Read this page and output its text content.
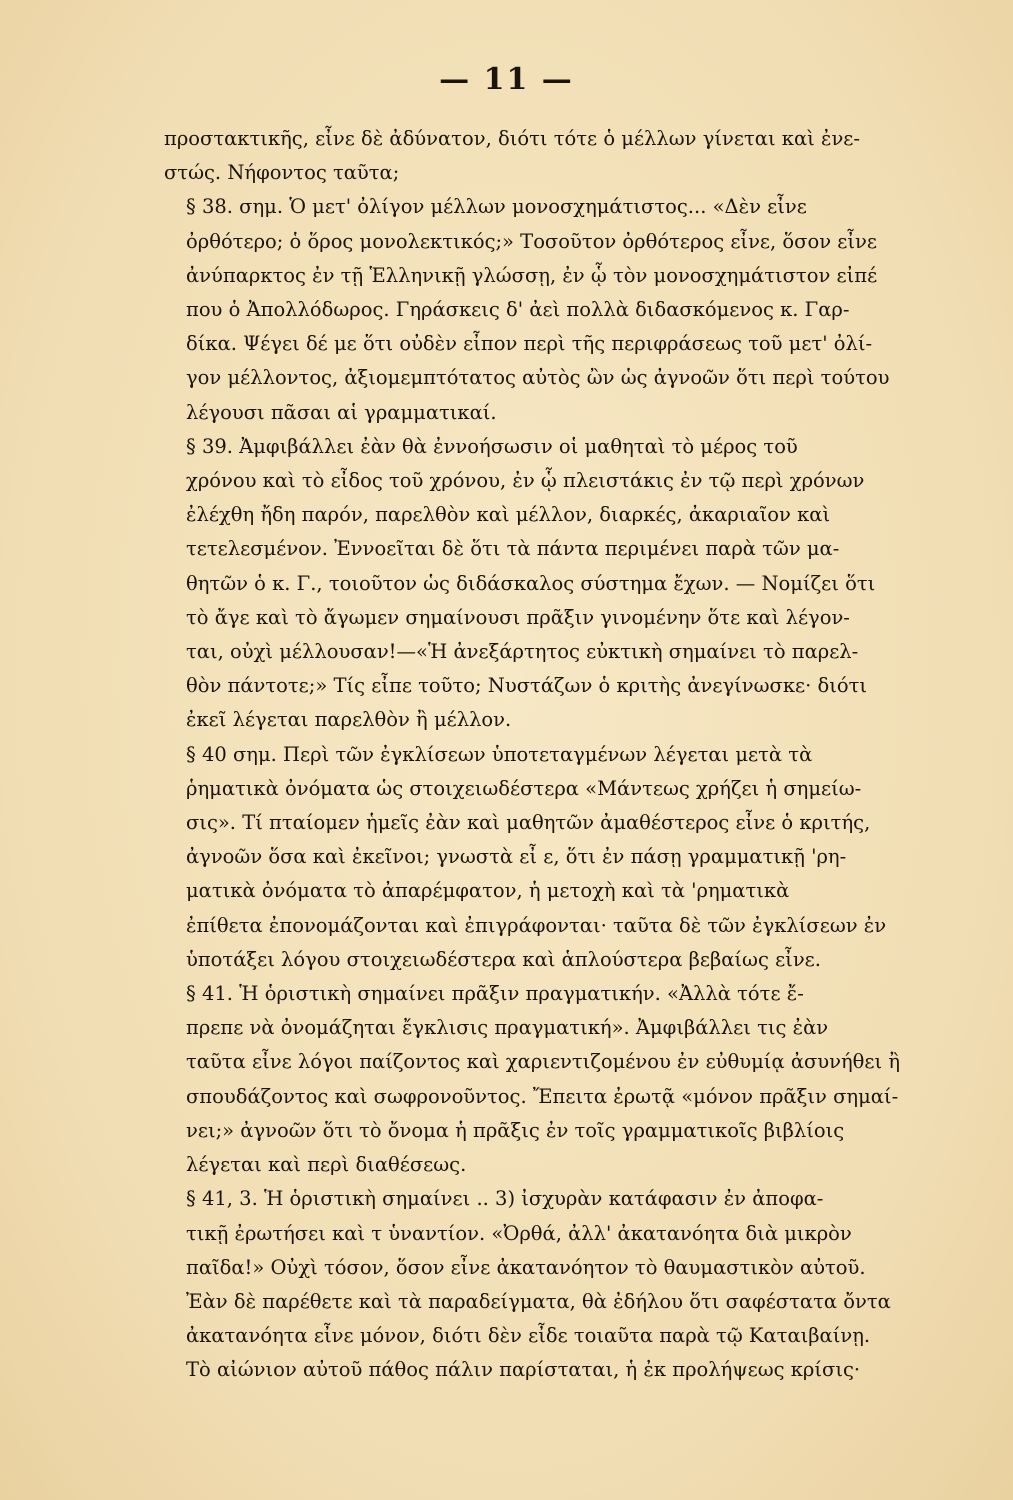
— 11 —
προστακτικῆς, εἶνε δὲ ἀδύνατον, διότι τότε ὁ μέλλων γίνεται καὶ ἐνε-
στώς. Νήφοντος ταῦτα;
§ 38. σημ. Ὁ μετ' ὀλίγον μέλλων μονοσχημάτιστος... «Δὲν εἶνε
ὀρθότερο; ὁ ὅρος μονολεκτικός;» Τοσοῦτον ὀρθότερος εἶνε, ὅσον εἶνε
ἀνύπαρκτος ἐν τῇ Ἑλληνικῇ γλώσσῃ, ἐν ᾧ τὸν μονοσχημάτιστον εἰπέ
που ὁ Ἀπολλόδωρος. Γηράσκεις δ' ἀεὶ πολλὰ διδασκόμενος κ. Γαρ-
δίκα. Ψέγει δέ με ὅτι οὐδὲν εἶπον περὶ τῆς περιφράσεως τοῦ μετ' ὀλί-
γον μέλλοντος, ἀξιομεμπτότατος αὐτὸς ὢν ὡς ἀγνοῶν ὅτι περὶ τούτου
λέγουσι πᾶσαι αἱ γραμματικαί.
§ 39. Ἀμφιβάλλει ἐὰν θὰ ἐννοήσωσιν οἱ μαθηταὶ τὸ μέρος τοῦ
χρόνου καὶ τὸ εἶδος τοῦ χρόνου, ἐν ᾧ πλειστάκις ἐν τῷ περὶ χρόνων
ἐλέχθη ἤδη παρόν, παρελθὸν καὶ μέλλον, διαρκές, ἀκαριαῖον καὶ
τετελεσμένον. Ἐννοεῖται δὲ ὅτι τὰ πάντα περιμένει παρὰ τῶν μα-
θητῶν ὁ κ. Γ., τοιοῦτον ὡς διδάσκαλος σύστημα ἔχων. — Νομίζει ὅτι
τὸ ἄγε καὶ τὸ ἄγωμεν σημαίνουσι πρᾶξιν γινομένην ὅτε καὶ λέγον-
ται, οὐχὶ μέλλουσαν!—«Ἡ ἀνεξάρτητος εὐκτικὴ σημαίνει τὸ παρελ-
θὸν πάντοτε;» Τίς εἶπε τοῦτο; Νυστάζων ὁ κριτὴς ἀνεγίνωσκε· διότι
ἐκεῖ λέγεται παρελθὸν ἢ μέλλον.
§ 40 σημ. Περὶ τῶν ἐγκλίσεων ὑποτεταγμένων λέγεται μετὰ τὰ
ῥηματικὰ ὀνόματα ὡς στοιχειωδέστερα «Μάντεως χρήζει ἡ σημείω-
σις». Τί πταίομεν ἡμεῖς ἐὰν καὶ μαθητῶν ἀμαθέστερος εἶνε ὁ κριτής,
ἀγνοῶν ὅσα καὶ ἐκεῖνοι; γνωστὰ εἶ ε, ὅτι ἐν πάσῃ γραμματικῇ 'ρη-
ματικὰ ὀνόματα τὸ ἀπαρέμφατον, ἡ μετοχὴ καὶ τὰ 'ρηματικὰ
ἐπίθετα ἐπονομάζονται καὶ ἐπιγράφονται· ταῦτα δὲ τῶν ἐγκλίσεων ἐν
ὑποτάξει λόγου στοιχειωδέστερα καὶ ἁπλούστερα βεβαίως εἶνε.
§ 41. Ἡ ὁριστικὴ σημαίνει πρᾶξιν πραγματικήν. «Ἀλλὰ τότε ἔ-
πρεπε νὰ ὀνομάζηται ἔγκλισις πραγματική». Ἀμφιβάλλει τις ἐὰν
ταῦτα εἶνε λόγοι παίζοντος καὶ χαριεντιζομένου ἐν εὐθυμίᾳ ἀσυνήθει ἢ
σπουδάζοντος καὶ σωφρονοῦντος. Ἔπειτα ἐρωτᾷ «μόνον πρᾶξιν σημαί-
νει;» ἀγνοῶν ὅτι τὸ ὄνομα ἡ πρᾶξις ἐν τοῖς γραμματικοῖς βιβλίοις
λέγεται καὶ περὶ διαθέσεως.
§ 41, 3. Ἡ ὁριστικὴ σημαίνει .. 3) ἰσχυρὰν κατάφασιν ἐν ἀποφα-
τικῇ ἐρωτήσει καὶ τ ὑναντίον. «Ὀρθά, ἀλλ' ἀκατανόητα διὰ μικρὸν
παῖδα!» Οὐχὶ τόσον, ὅσον εἶνε ἀκατανόητον τὸ θαυμαστικὸν αὐτοῦ.
Ἐὰν δὲ παρέθετε καὶ τὰ παραδείγματα, θὰ ἐδήλου ὅτι σαφέστατα ὄντα
ἀκατανόητα εἶνε μόνον, διότι δὲν εἶδε τοιαῦτα παρὰ τῷ Καταιβαίνῃ.
Τὸ αἰώνιον αὐτοῦ πάθος πάλιν παρίσταται, ἡ ἐκ προλήψεως κρίσις·
